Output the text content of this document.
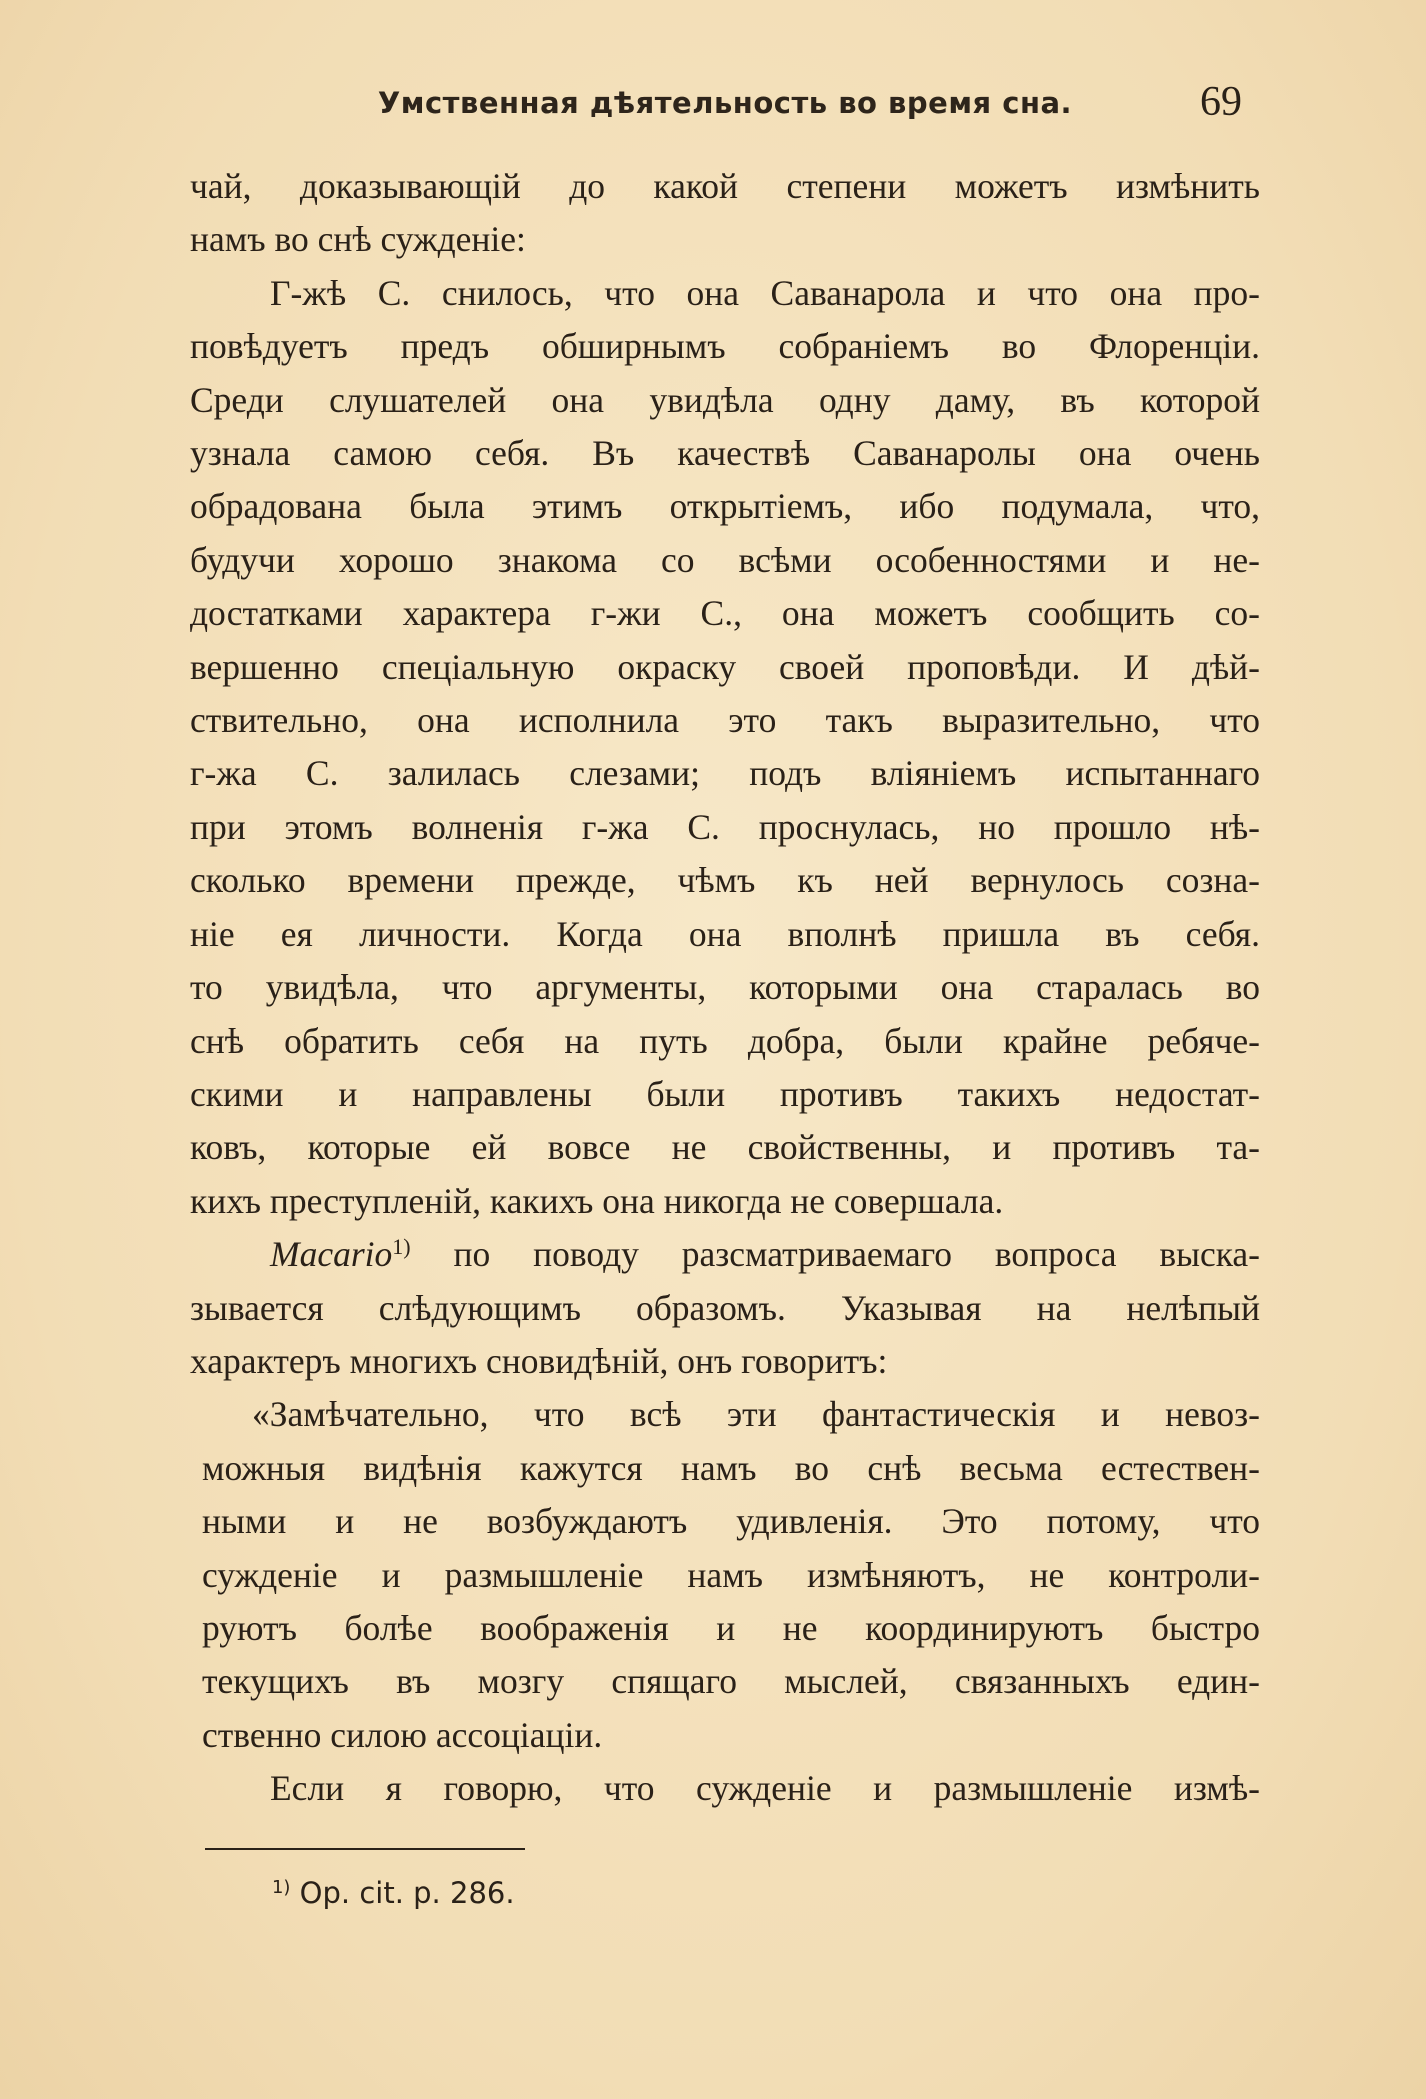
Умственная дѣятельность во время сна.	69
чай, доказывающій до какой степени можетъ измѣнить
намъ во снѣ сужденіе:
Г-жѣ С. снилось, что она Саванарола и что она про-
повѣдуетъ предъ обширнымъ собраніемъ во Флоренціи.
Среди слушателей она увидѣла одну даму, въ которой
узнала самою себя. Въ качествѣ Саванаролы она очень
обрадована была этимъ открытіемъ, ибо подумала, что,
будучи хорошо знакома со всѣми особенностями и не-
достатками характера г-жи С., она можетъ сообщить со-
вершенно спеціальную окраску своей проповѣди. И дѣй-
ствительно, она исполнила это такъ выразительно, что
г-жа С. залилась слезами; подъ вліяніемъ испытаннаго
при этомъ волненія г-жа С. проснулась, но прошло нѣ-
сколько времени прежде, чѣмъ къ ней вернулось созна-
ніе ея личности. Когда она вполнѣ пришла въ себя.
то увидѣла, что аргументы, которыми она старалась во
снѣ обратить себя на путь добра, были крайне ребяче-
скими и направлены были противъ такихъ недостат-
ковъ, которые ей вовсе не свойственны, и противъ та-
кихъ преступленій, какихъ она никогда не совершала.
Macario$^{1)}$ по поводу разсматриваемаго вопроса выска-
зывается слѣдующимъ образомъ. Указывая на нелѣпый
характеръ многихъ сновидѣній, онъ говоритъ:
«Замѣчательно, что всѣ эти фантастическія и невоз-
можныя видѣнія кажутся намъ во снѣ весьма естествен-
ными и не возбуждаютъ удивленія. Это потому, что
сужденіе и размышленіе намъ измѣняютъ, не контроли-
руютъ болѣе воображенія и не координируютъ быстро
текущихъ въ мозгу спящаго мыслей, связанныхъ един-
ственно силою ассоціаціи.
Если я говорю, что сужденіе и размышленіе измѣ-
$^{1)}$ Op. cit. p. 286.
